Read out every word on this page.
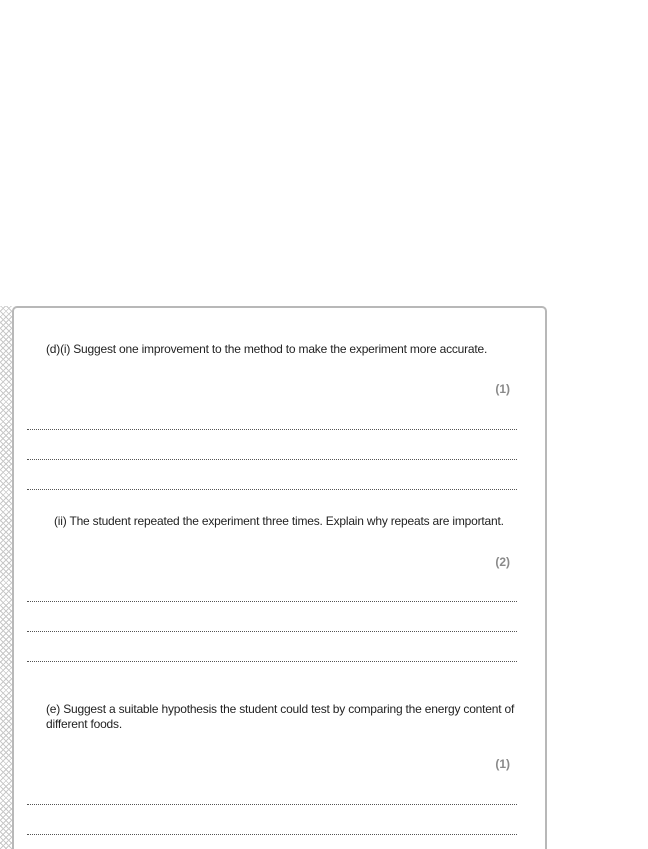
(d)(i) Suggest one improvement to the method to make the experiment more accurate.
(1)
(ii) The student repeated the experiment three times. Explain why repeats are important.
(2)
(e) Suggest a suitable hypothesis the student could test by comparing the energy content of different foods.
(1)
